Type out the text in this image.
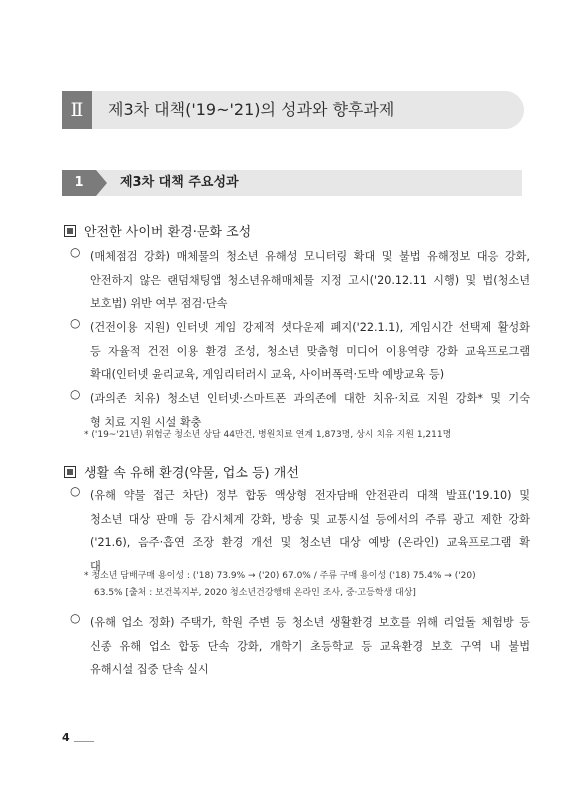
Ⅱ	제3차 대책('19~'21)의 성과와 향후과제
1	제3차 대책 주요성과
안전한 사이버 환경·문화 조성
○ (매체점검 강화) 매체물의 청소년 유해성 모니터링 확대 및 불법 유해정보 대응 강화,
안전하지 않은 랜덤채팅앱 청소년유해매체물 지정 고시('20.12.11 시행) 및 법(청소년
보호법) 위반 여부 점검·단속
○ (건전이용 지원) 인터넷 게임 강제적 셧다운제 폐지('22.1.1), 게임시간 선택제 활성화
등 자율적 건전 이용 환경 조성, 청소년 맞춤형 미디어 이용역량 강화 교육프로그램
확대(인터넷 윤리교육, 게임리터러시 교육, 사이버폭력·도박 예방교육 등)
○ (과의존 치유) 청소년 인터넷·스마트폰 과의존에 대한 치유·치료 지원 강화* 및 기숙
형 치료 지원 시설 확충
* ('19~'21년) 위험군 청소년 상담 44만건, 병원치료 연계 1,873명, 상시 치유 지원 1,211명
생활 속 유해 환경(약물, 업소 등) 개선
○ (유해 약물 접근 차단) 정부 합동 액상형 전자담배 안전관리 대책 발표('19.10) 및
청소년 대상 판매 등 감시체계 강화, 방송 및 교통시설 등에서의 주류 광고 제한 강화
('21.6), 음주·흡연 조장 환경 개선 및 청소년 대상 예방 (온라인) 교육프로그램 확
대
* 청소년 담배구매 용이성 : ('18) 73.9% → ('20) 67.0% / 주류 구매 용이성 ('18) 75.4% → ('20)
63.5% [출처 : 보건복지부, 2020 청소년건강행태 온라인 조사, 중·고등학생 대상]
○ (유해 업소 정화) 주택가, 학원 주변 등 청소년 생활환경 보호를 위해 리얼돌 체험방 등
신종 유해 업소 합동 단속 강화, 개학기 초등학교 등 교육환경 보호 구역 내 불법
유해시설 집중 단속 실시
4
